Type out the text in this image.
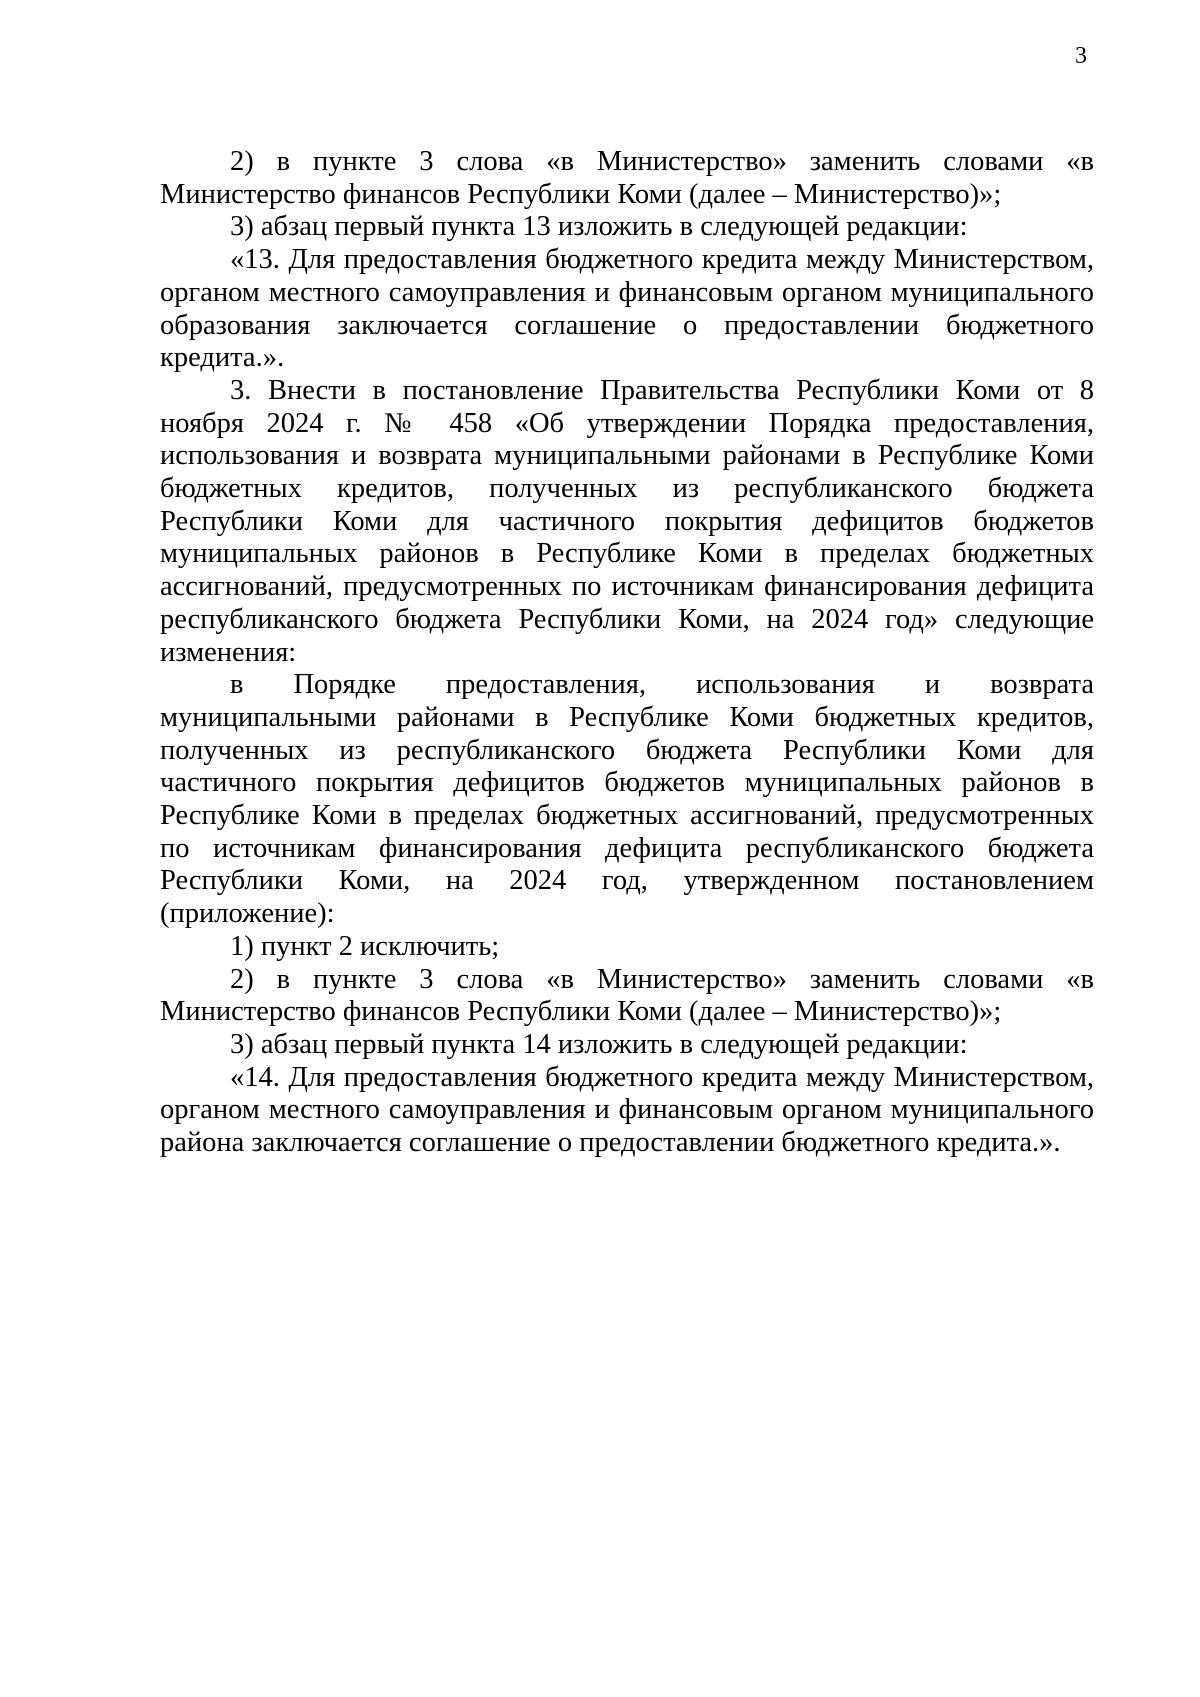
3

2) в пункте 3 слова «в Министерство» заменить словами «в Министерство финансов Республики Коми (далее – Министерство)»;

3) абзац первый пункта 13 изложить в следующей редакции:

«13. Для предоставления бюджетного кредита между Министерством, органом местного самоуправления и финансовым органом муниципального образования заключается соглашение о предоставлении бюджетного кредита.».

3. Внести в постановление Правительства Республики Коми от 8 ноября 2024 г. № 458 «Об утверждении Порядка предоставления, использования и возврата муниципальными районами в Республике Коми бюджетных кредитов, полученных из республиканского бюджета Республики Коми для частичного покрытия дефицитов бюджетов муниципальных районов в Республике Коми в пределах бюджетных ассигнований, предусмотренных по источникам финансирования дефицита республиканского бюджета Республики Коми, на 2024 год» следующие изменения:

в Порядке предоставления, использования и возврата муниципальными районами в Республике Коми бюджетных кредитов, полученных из республиканского бюджета Республики Коми для частичного покрытия дефицитов бюджетов муниципальных районов в Республике Коми в пределах бюджетных ассигнований, предусмотренных по источникам финансирования дефицита республиканского бюджета Республики Коми, на 2024 год, утвержденном постановлением (приложение):

1) пункт 2 исключить;

2) в пункте 3 слова «в Министерство» заменить словами «в Министерство финансов Республики Коми (далее – Министерство)»;

3) абзац первый пункта 14 изложить в следующей редакции:

«14. Для предоставления бюджетного кредита между Министерством, органом местного самоуправления и финансовым органом муниципального района заключается соглашение о предоставлении бюджетного кредита.».
